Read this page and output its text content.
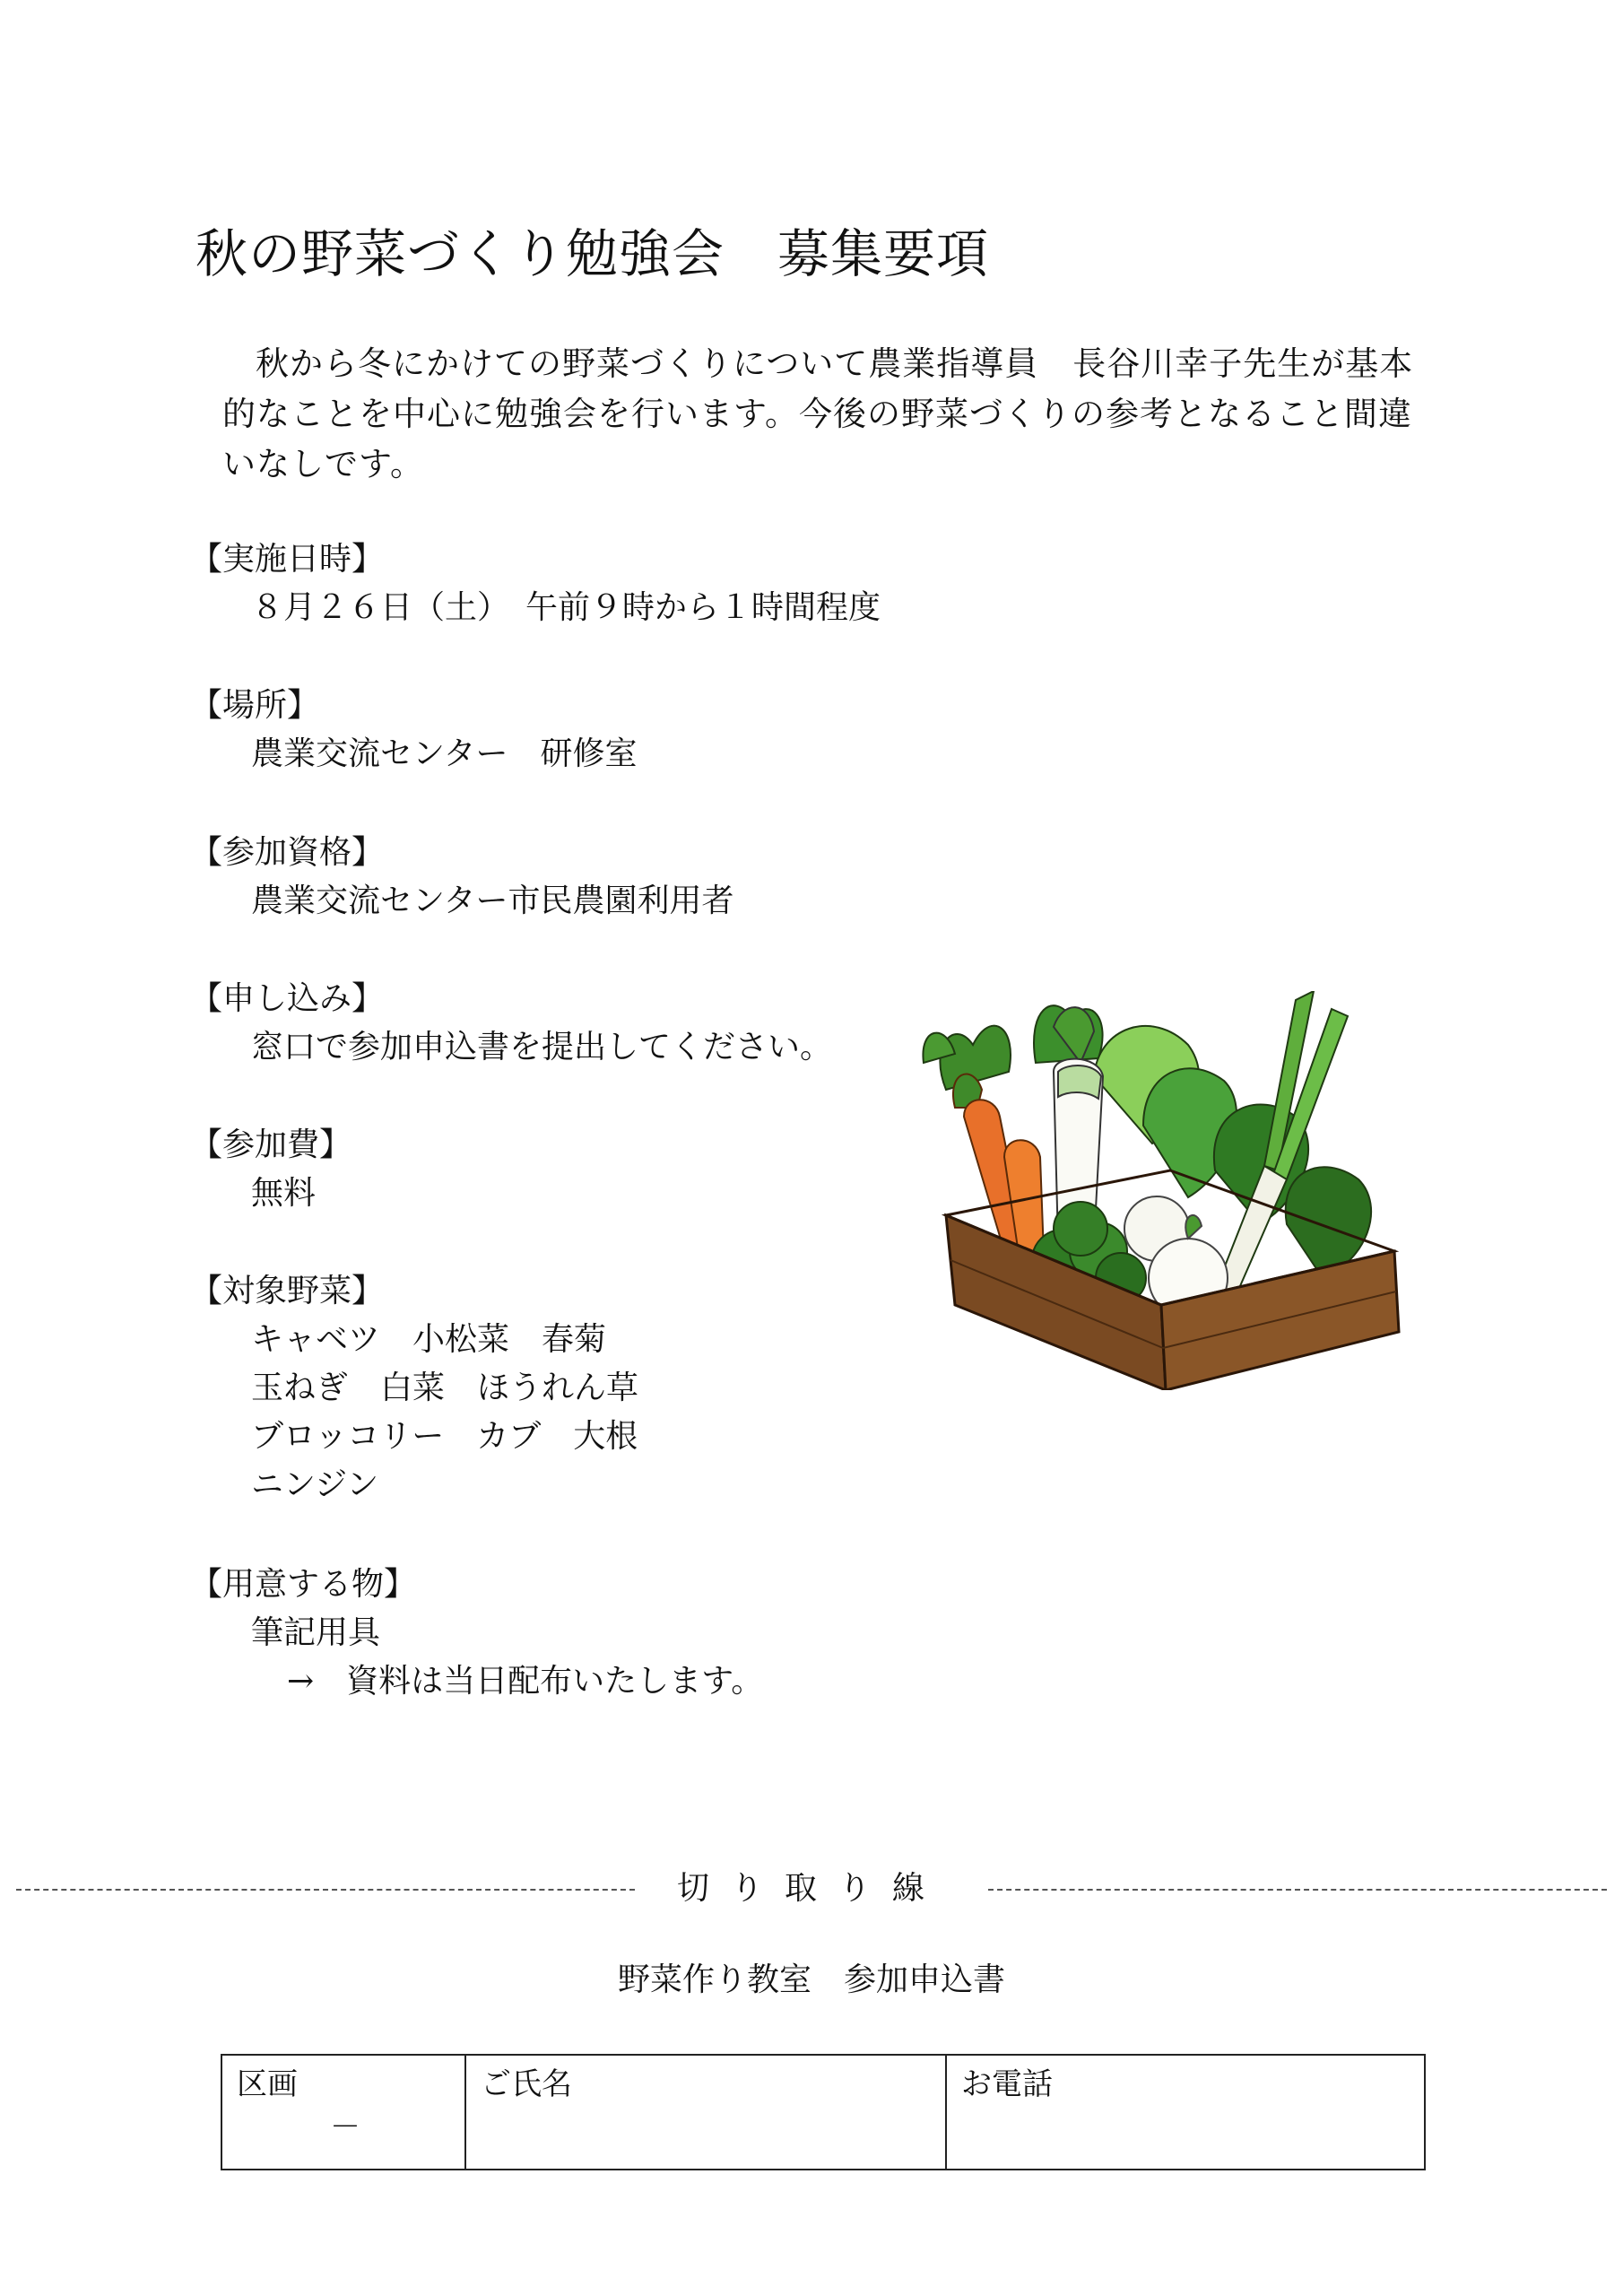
秋の野菜づくり勉強会　募集要項

秋から冬にかけての野菜づくりについて農業指導員　長谷川幸子先生が基本的なことを中心に勉強会を行います。今後の野菜づくりの参考となること間違いなしです。

【実施日時】
８月２６日（土）　午前９時から１時間程度
【場所】
農業交流センター　研修室
【参加資格】
農業交流センター市民農園利用者
【申し込み】
窓口で参加申込書を提出してください。
【参加費】
無料
【対象野菜】
キャベツ　小松菜　春菊
玉ねぎ　白菜　ほうれん草
ブロッコリー　カブ　大根
ニンジン
【用意する物】
筆記用具
→　資料は当日配布いたします。
切り取り線
野菜作り教室　参加申込書
区画
－
ご氏名	お電話
